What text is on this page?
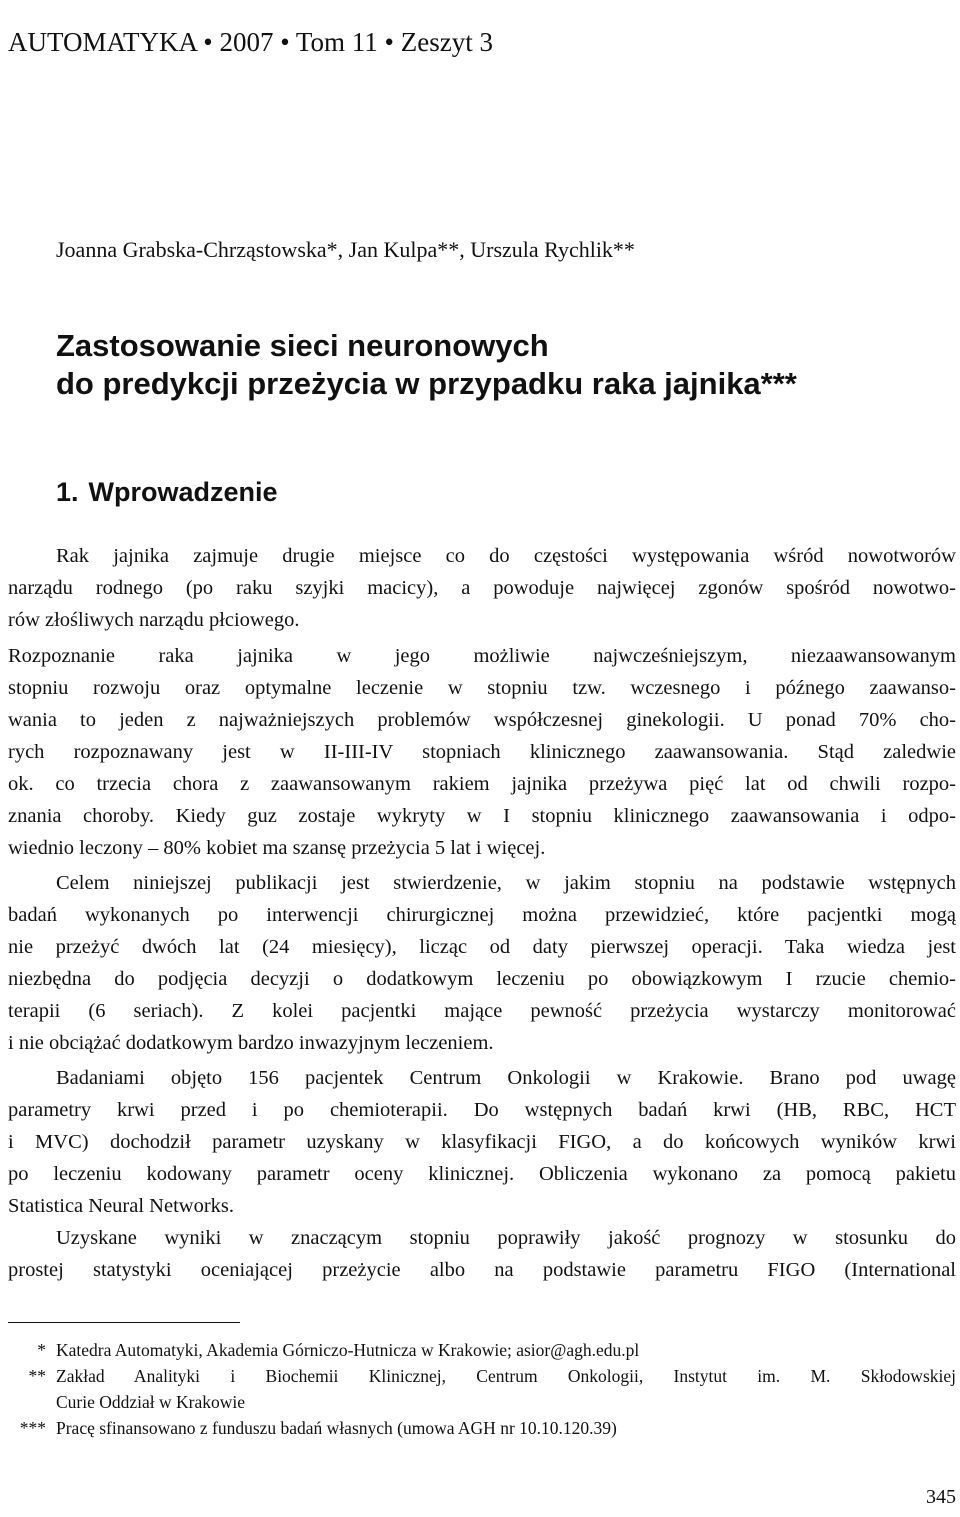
AUTOMATYKA • 2007 • Tom 11 • Zeszyt 3
Joanna Grabska-Chrząstowska*, Jan Kulpa**, Urszula Rychlik**
Zastosowanie sieci neuronowych
do predykcji przeżycia w przypadku raka jajnika***
1. Wprowadzenie
Rak jajnika zajmuje drugie miejsce co do częstości występowania wśród nowotworów
narządu rodnego (po raku szyjki macicy), a powoduje najwięcej zgonów spośród nowotwo-
rów złośliwych narządu płciowego.
Rozpoznanie raka jajnika w jego możliwie najwcześniejszym, niezaawansowanym
stopniu rozwoju oraz optymalne leczenie w stopniu tzw. wczesnego i późnego zaawanso-
wania to jeden z najważniejszych problemów współczesnej ginekologii. U ponad 70% cho-
rych rozpoznawany jest w II-III-IV stopniach klinicznego zaawansowania. Stąd zaledwie
ok. co trzecia chora z zaawansowanym rakiem jajnika przeżywa pięć lat od chwili rozpo-
znania choroby. Kiedy guz zostaje wykryty w I stopniu klinicznego zaawansowania i odpo-
wiednio leczony – 80% kobiet ma szansę przeżycia 5 lat i więcej.
Celem niniejszej publikacji jest stwierdzenie, w jakim stopniu na podstawie wstępnych
badań wykonanych po interwencji chirurgicznej można przewidzieć, które pacjentki mogą
nie przeżyć dwóch lat (24 miesięcy), licząc od daty pierwszej operacji. Taka wiedza jest
niezbędna do podjęcia decyzji o dodatkowym leczeniu po obowiązkowym I rzucie chemio-
terapii (6 seriach). Z kolei pacjentki mające pewność przeżycia wystarczy monitorować
i nie obciążać dodatkowym bardzo inwazyjnym leczeniem.
Badaniami objęto 156 pacjentek Centrum Onkologii w Krakowie. Brano pod uwagę
parametry krwi przed i po chemioterapii. Do wstępnych badań krwi (HB, RBC, HCT
i MVC) dochodził parametr uzyskany w klasyfikacji FIGO, a do końcowych wyników krwi
po leczeniu kodowany parametr oceny klinicznej. Obliczenia wykonano za pomocą pakietu
Statistica Neural Networks.
Uzyskane wyniki w znaczącym stopniu poprawiły jakość prognozy w stosunku do
prostej statystyki oceniającej przeżycie albo na podstawie parametru FIGO (International
* Katedra Automatyki, Akademia Górniczo-Hutnicza w Krakowie; asior@agh.edu.pl
** Zakład Analityki i Biochemii Klinicznej, Centrum Onkologii, Instytut im. M. Skłodowskiej
Curie Oddział w Krakowie
*** Pracę sfinansowano z funduszu badań własnych (umowa AGH nr 10.10.120.39)
345
